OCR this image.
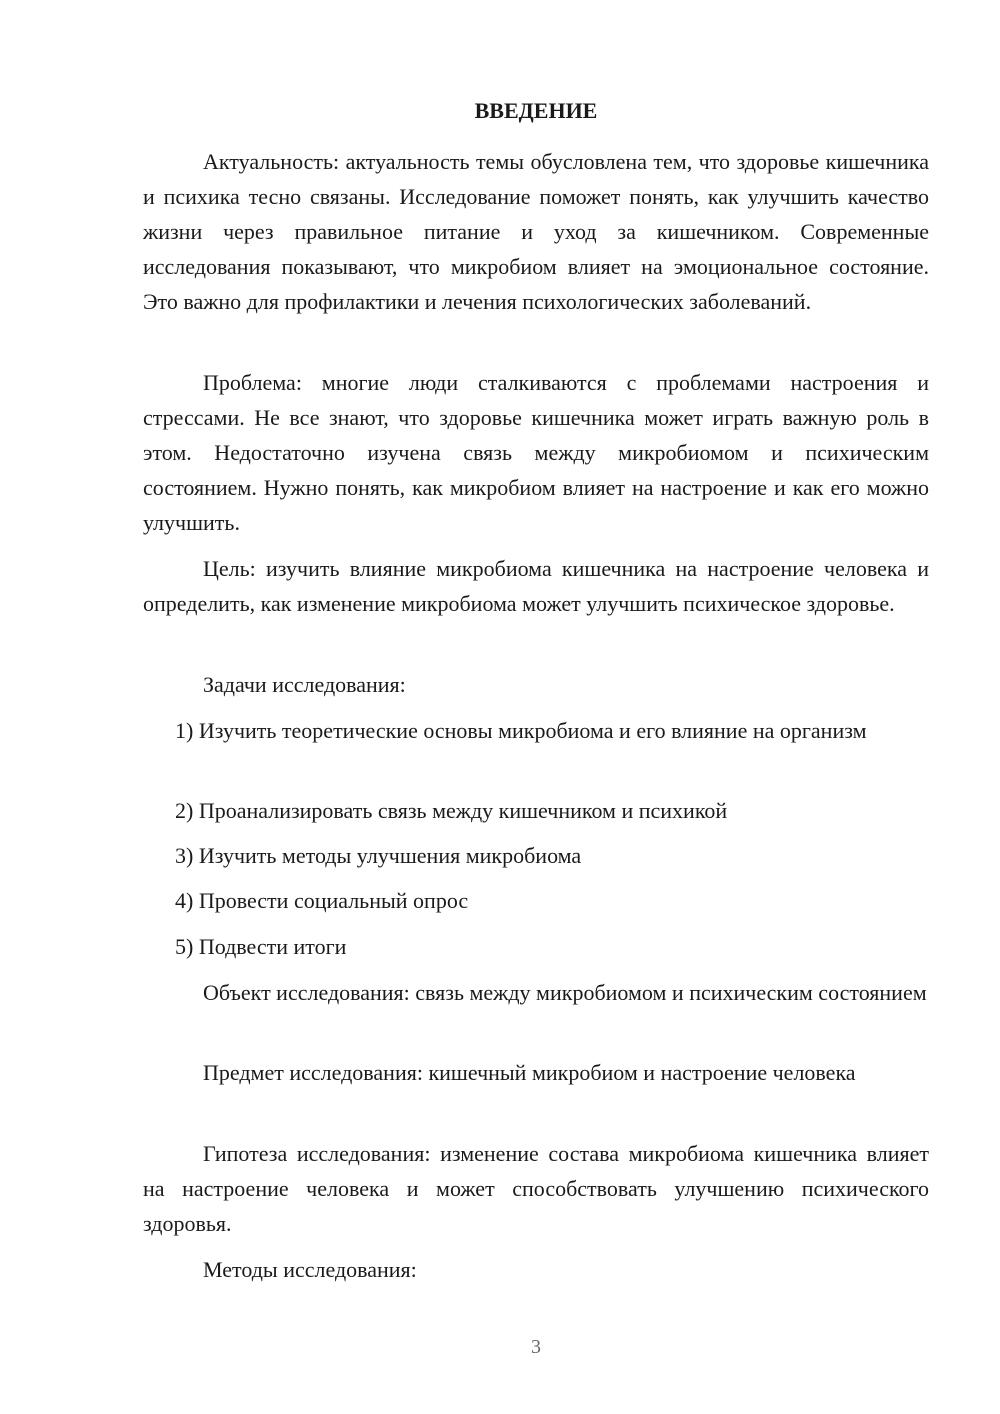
ВВЕДЕНИЕ

Актуальность: актуальность темы обусловлена тем, что здоровье кишечника и психика тесно связаны. Исследование поможет понять, как улучшить качество жизни через правильное питание и уход за кишечником. Современные исследования показывают, что микробиом влияет на эмоциональное состояние. Это важно для профилактики и лечения психологических заболеваний.

Проблема: многие люди сталкиваются с проблемами настроения и стрессами. Не все знают, что здоровье кишечника может играть важную роль в этом. Недостаточно изучена связь между микробиомом и психическим состоянием. Нужно понять, как микробиом влияет на настроение и как его можно улучшить.

Цель: изучить влияние микробиома кишечника на настроение человека и определить, как изменение микробиома может улучшить психическое здоровье.

Задачи исследования:

1) Изучить теоретические основы микробиома и его влияние на организм

2) Проанализировать связь между кишечником и психикой

3) Изучить методы улучшения микробиома

4) Провести социальный опрос

5) Подвести итоги

Объект исследования: связь между микробиомом и психическим состоянием

Предмет исследования: кишечный микробиом и настроение человека

Гипотеза исследования: изменение состава микробиома кишечника влияет на настроение человека и может способствовать улучшению психического здоровья.

Методы исследования:

3
